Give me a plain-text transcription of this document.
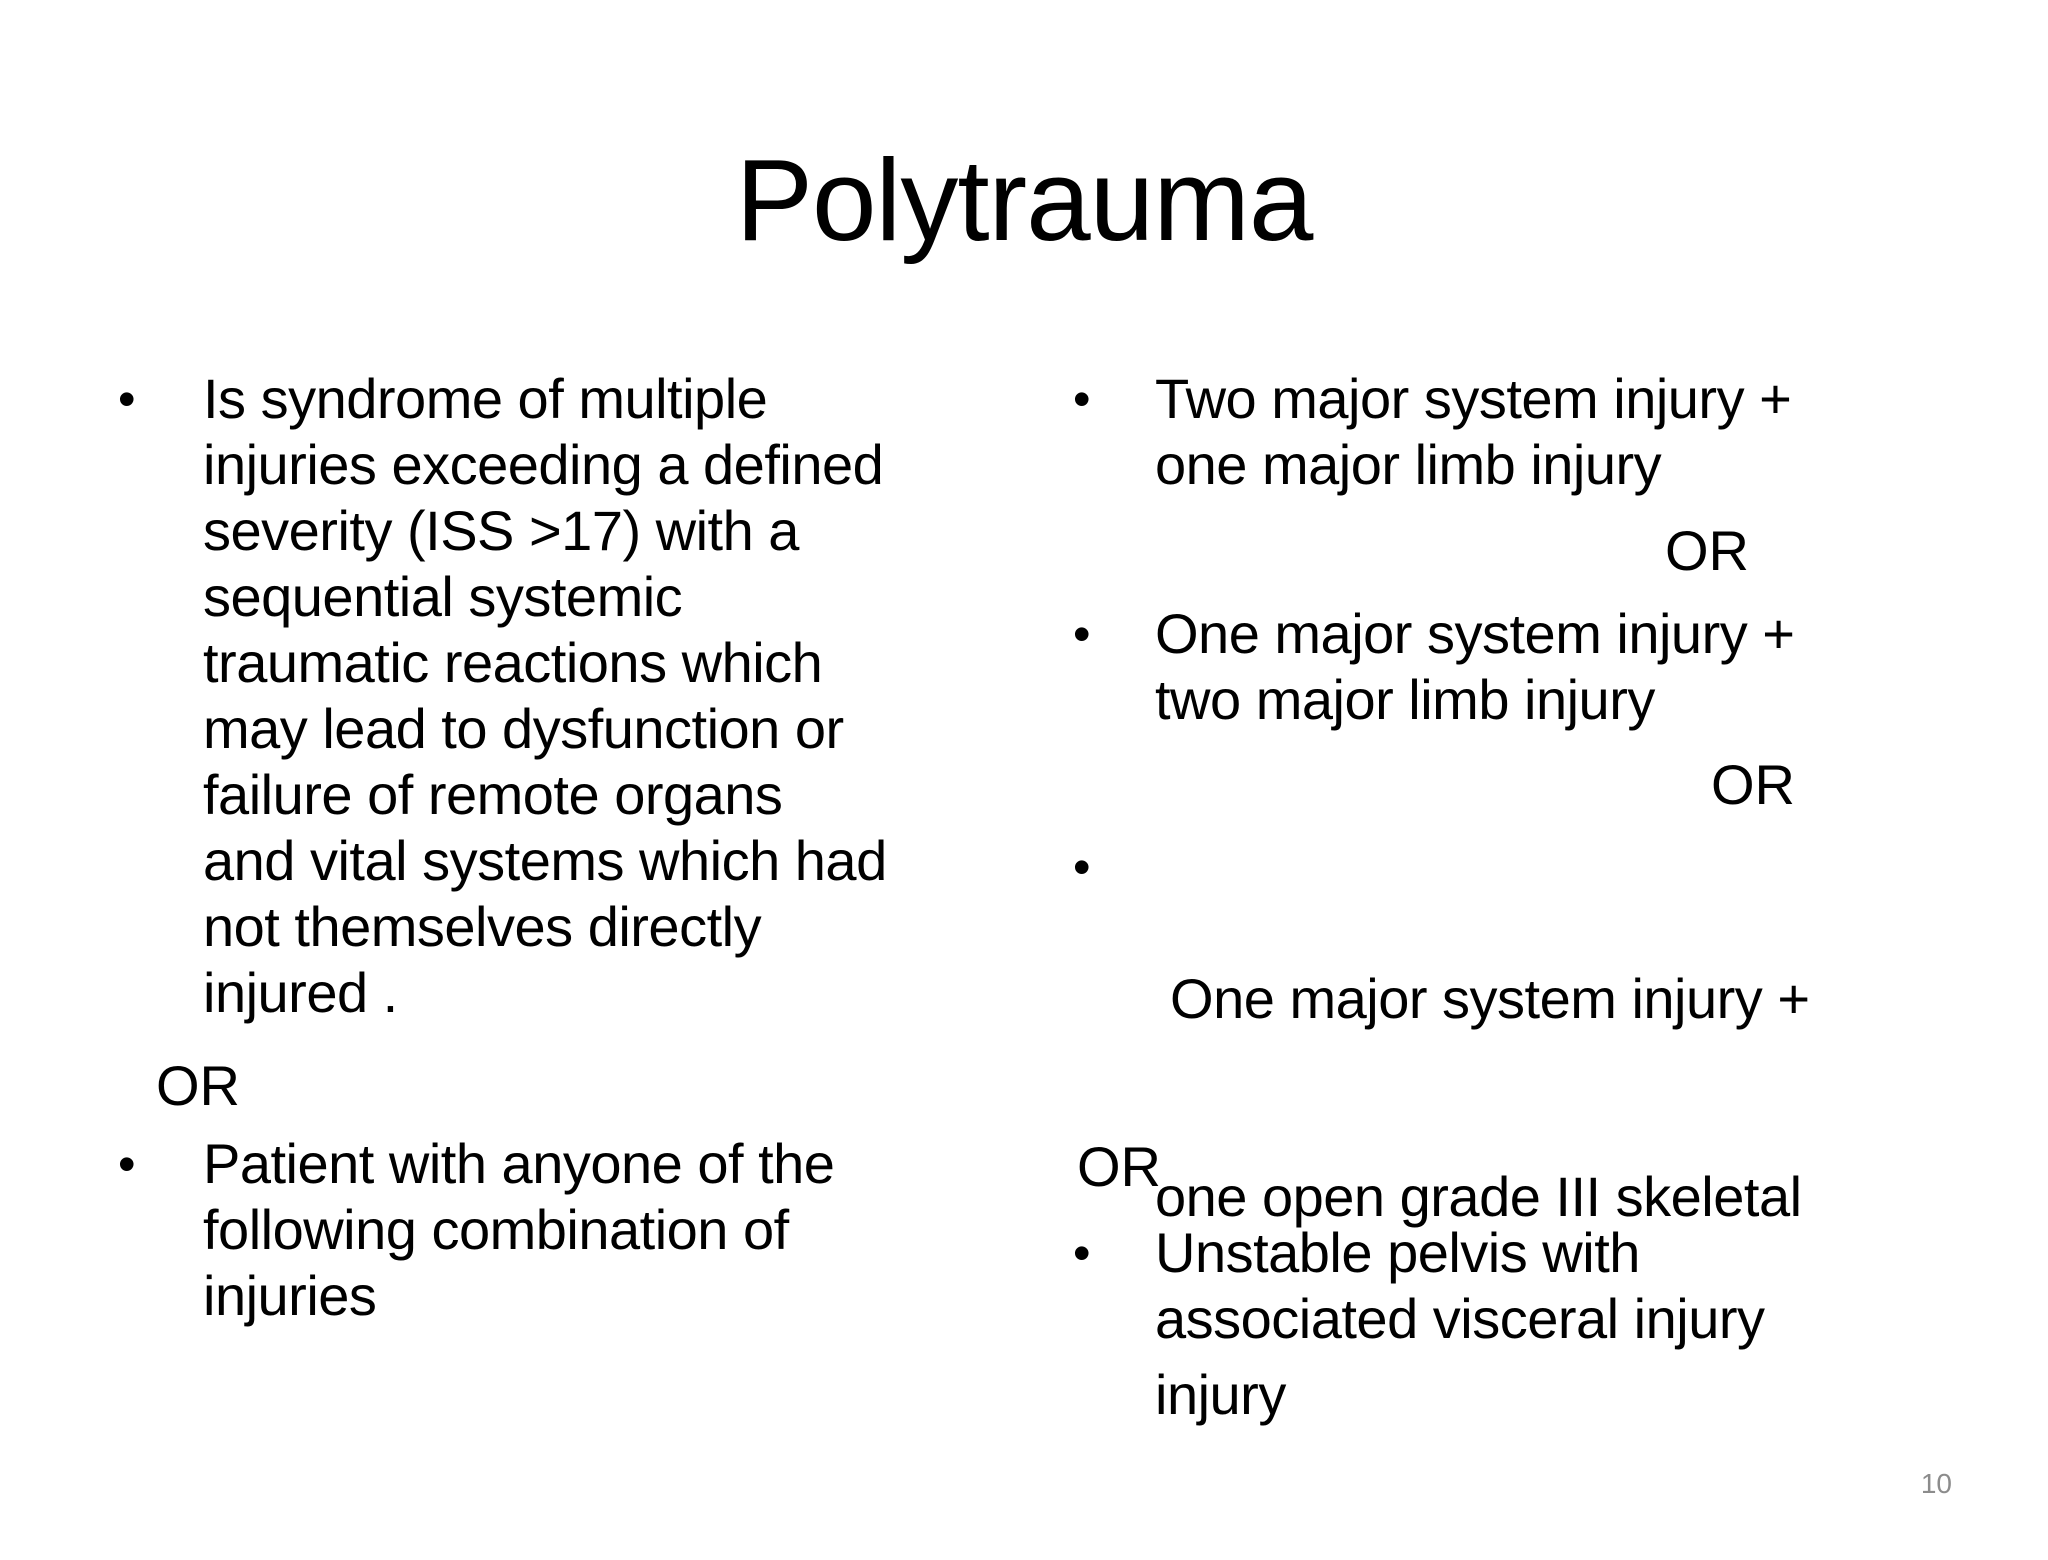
Polytrauma
• Is syndrome of multiple
injuries exceeding a defined
severity (ISS >17) with a
sequential systemic
traumatic reactions which
may lead to dysfunction or
failure of remote organs
and vital systems which had
not themselves directly
injured .
OR
• Patient with anyone of the
following combination of
injuries
• Two major system injury +
one major limb injury
OR
• One major system injury +
two major limb injury
OR
•

One major system injury +

one open grade III skeletal

injury

OR
• Unstable pelvis with
associated visceral injury
10
